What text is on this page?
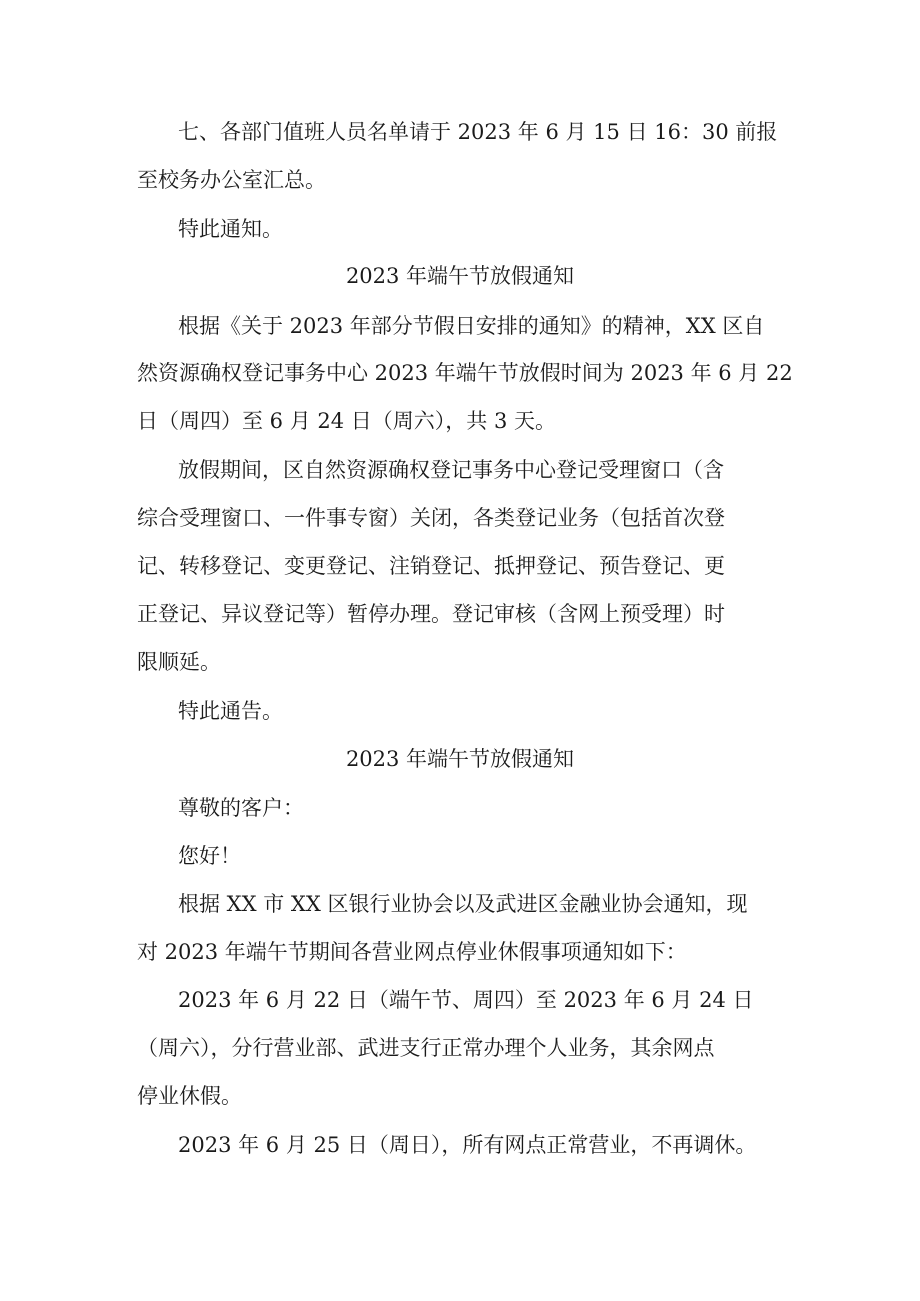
七、各部门值班人员名单请于 2023 年 6 月 15 日 16：30 前报

至校务办公室汇总。

特此通知。

2023 年端午节放假通知

根据《关于 2023 年部分节假日安排的通知》的精神，XX 区自

然资源确权登记事务中心 2023 年端午节放假时间为 2023 年 6 月 22

日（周四）至 6 月 24 日（周六），共 3 天。

放假期间，区自然资源确权登记事务中心登记受理窗口（含

综合受理窗口、一件事专窗）关闭，各类登记业务（包括首次登

记、转移登记、变更登记、注销登记、抵押登记、预告登记、更

正登记、异议登记等）暂停办理。登记审核（含网上预受理）时

限顺延。

特此通告。

2023 年端午节放假通知

尊敬的客户：

您好！

根据 XX 市 XX 区银行业协会以及武进区金融业协会通知，现

对 2023 年端午节期间各营业网点停业休假事项通知如下：

2023 年 6 月 22 日（端午节、周四）至 2023 年 6 月 24 日

（周六），分行营业部、武进支行正常办理个人业务，其余网点

停业休假。

2023 年 6 月 25 日（周日），所有网点正常营业，不再调休。
